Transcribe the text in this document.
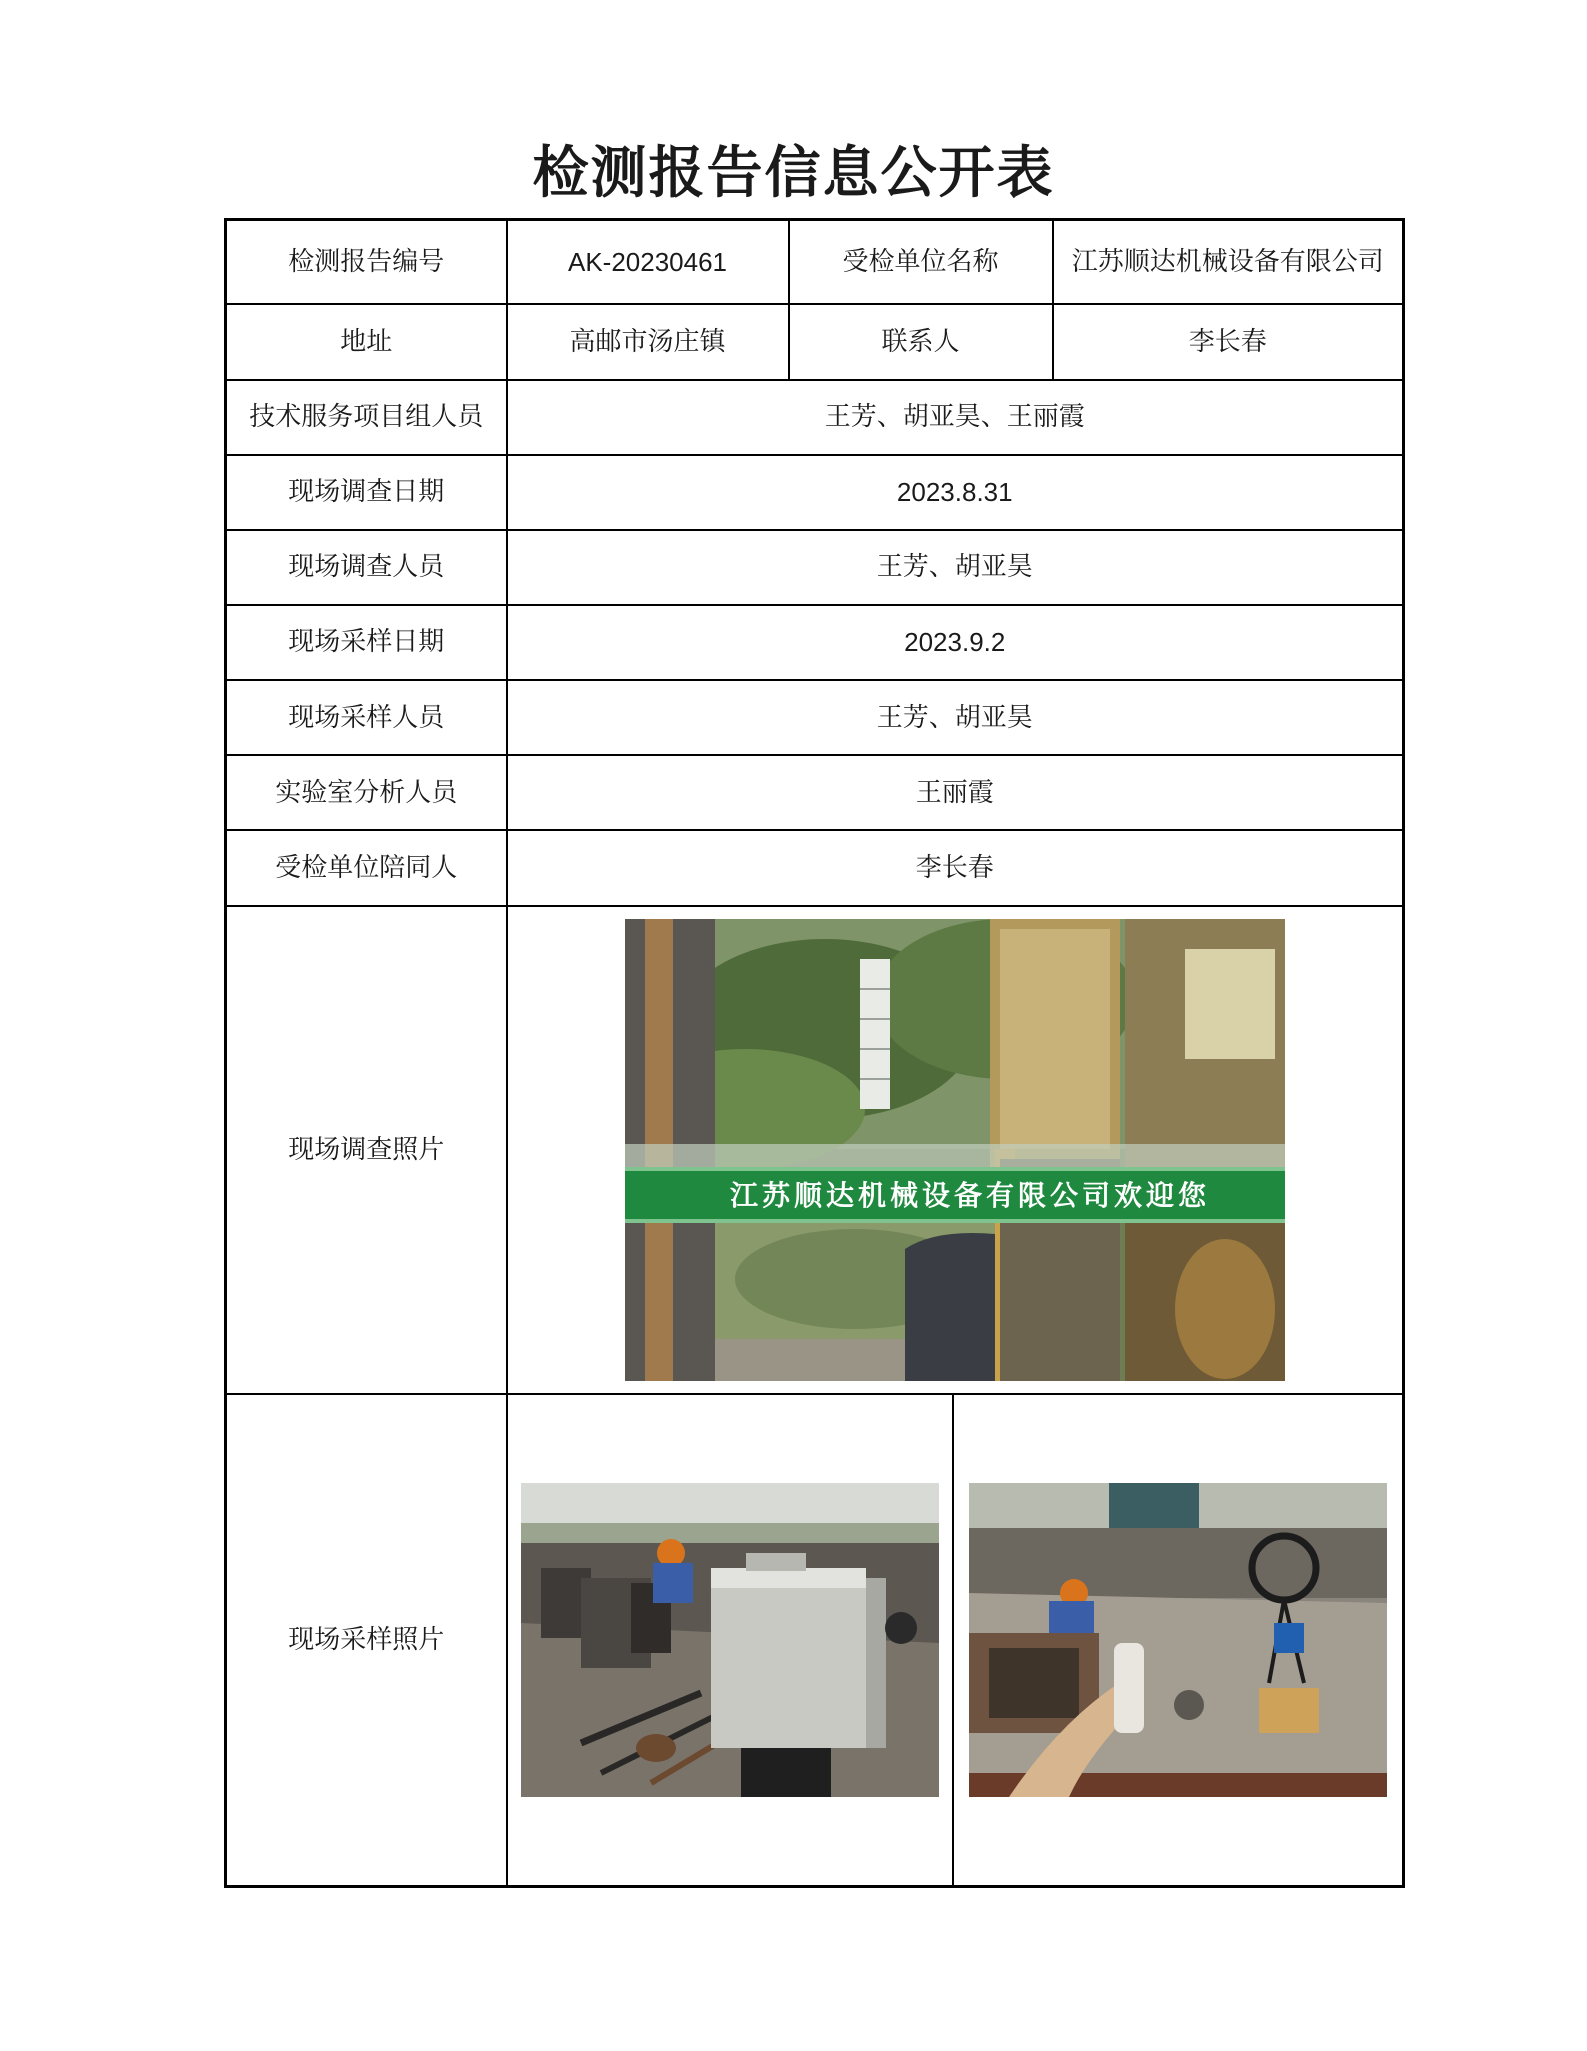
检测报告信息公开表
检测报告编号	AK-20230461	受检单位名称		江苏顺达机械设备有限公司
地址	高邮市汤庄镇	联系人		李长春
技术服务项目组人员	王芳、胡亚昊、王丽霞			
现场调查日期	2023.8.31			
现场调查人员	王芳、胡亚昊			
现场采样日期	2023.9.2			
现场采样人员	王芳、胡亚昊			
实验室分析人员	王丽霞			
受检单位陪同人	李长春			
现场调查照片	江苏顺达机械设备有限公司欢迎您			

现场采样照片	
